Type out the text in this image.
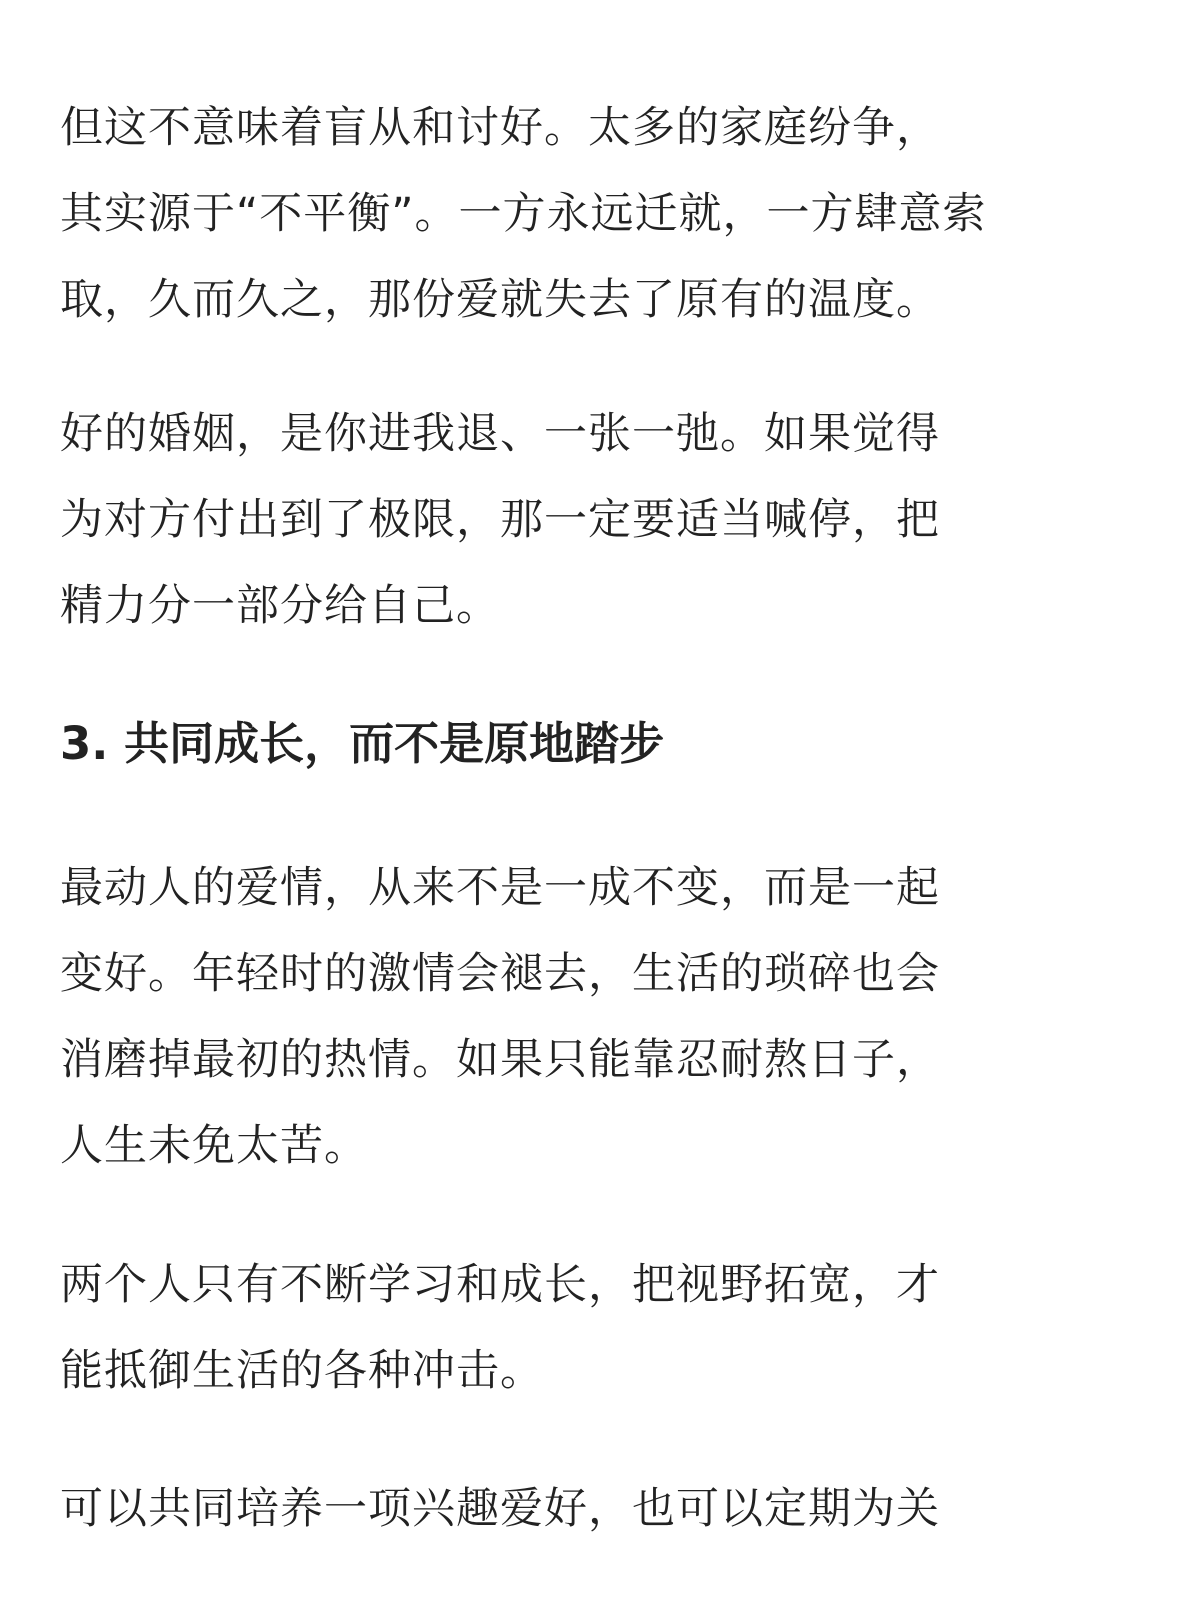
但这不意味着盲从和讨好。太多的家庭纷争，
其实源于“不平衡”。一方永远迁就，一方肆意索
取，久而久之，那份爱就失去了原有的温度。
好的婚姻，是你进我退、一张一弛。如果觉得
为对方付出到了极限，那一定要适当喊停，把
精力分一部分给自己。
3. 共同成长，而不是原地踏步
最动人的爱情，从来不是一成不变，而是一起
变好。年轻时的激情会褪去，生活的琐碎也会
消磨掉最初的热情。如果只能靠忍耐熬日子，
人生未免太苦。
两个人只有不断学习和成长，把视野拓宽，才
能抵御生活的各种冲击。
可以共同培养一项兴趣爱好，也可以定期为关
